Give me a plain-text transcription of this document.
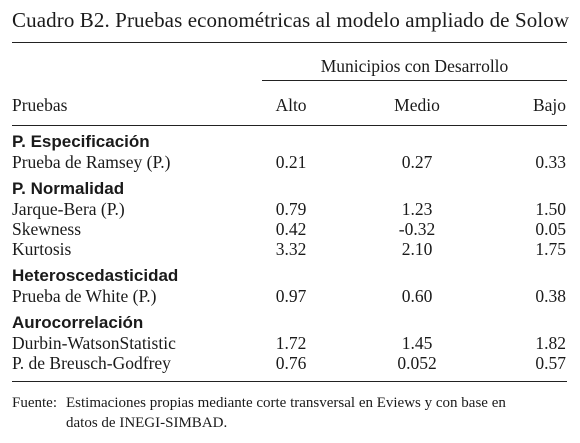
Cuadro B2. Pruebas econométricas al modelo ampliado de Solow
Municipios con Desarrollo
Pruebas	Alto	Medio	Bajo
P. Especificación
Prueba de Ramsey (P.)	0.21	0.27	0.33
P. Normalidad
Jarque-Bera (P.)	0.79	1.23	1.50
Skewness	0.42	-0.32	0.05
Kurtosis	3.32	2.10	1.75
Heteroscedasticidad
Prueba de White (P.)	0.97	0.60	0.38
Aurocorrelación
Durbin-WatsonStatistic	1.72	1.45	1.82
P. de Breusch-Godfrey	0.76	0.052	0.57
Fuente: Estimaciones propias mediante corte transversal en Eviews y con base en
datos de INEGI-SIMBAD.
